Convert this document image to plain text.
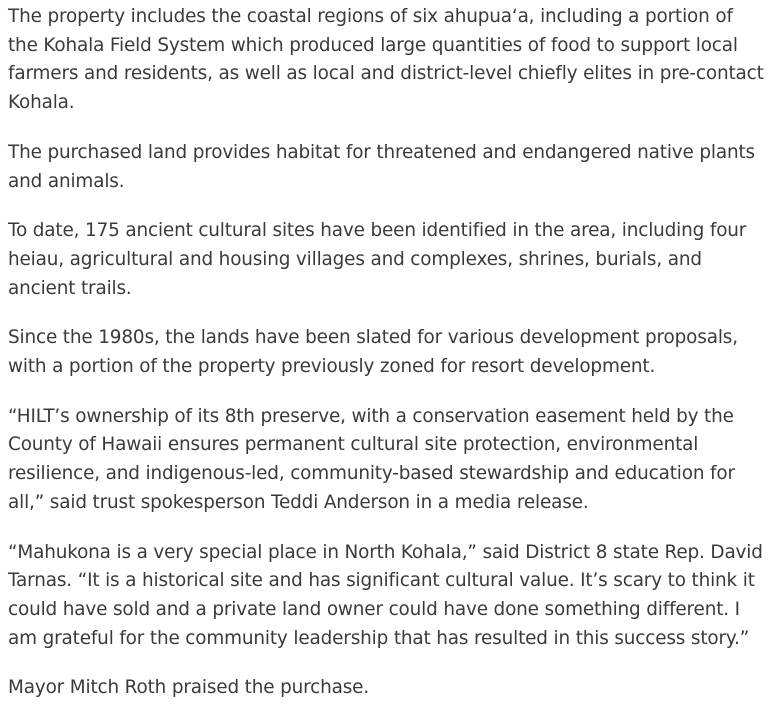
The property includes the coastal regions of six ahupua‘a, including a portion of the Kohala Field System which produced large quantities of food to support local farmers and residents, as well as local and district-level chiefly elites in pre-contact Kohala.

The purchased land provides habitat for threatened and endangered native plants and animals.

To date, 175 ancient cultural sites have been identified in the area, including four heiau, agricultural and housing villages and complexes, shrines, burials, and ancient trails.

Since the 1980s, the lands have been slated for various development proposals, with a portion of the property previously zoned for resort development.

“HILT’s ownership of its 8th preserve, with a conservation easement held by the County of Hawaii ensures permanent cultural site protection, environmental resilience, and indigenous-led, community-based stewardship and education for all,” said trust spokesperson Teddi Anderson in a media release.

“Mahukona is a very special place in North Kohala,” said District 8 state Rep. David Tarnas. “It is a historical site and has significant cultural value. It’s scary to think it could have sold and a private land owner could have done something different. I am grateful for the community leadership that has resulted in this success story.”

Mayor Mitch Roth praised the purchase.
